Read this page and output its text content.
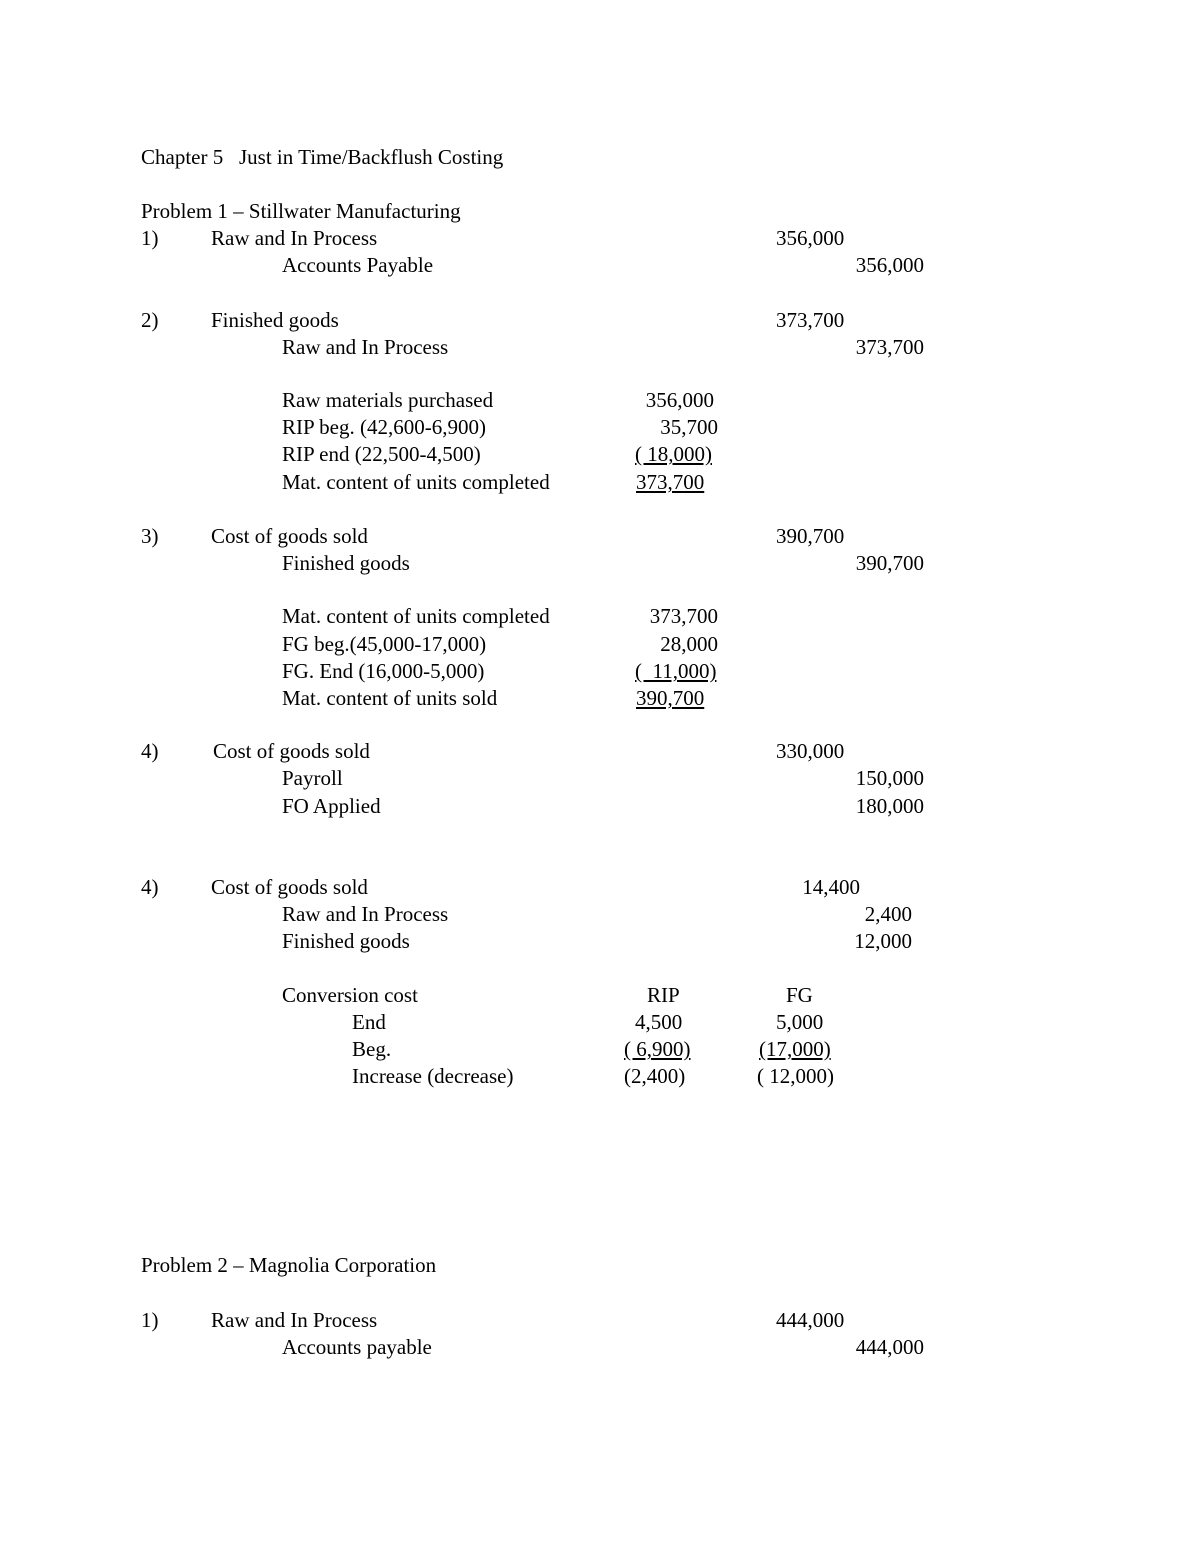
Chapter 5   Just in Time/Backflush Costing
Problem 1 – Stillwater Manufacturing
1)	Raw and In Process	356,000
Accounts Payable	356,000
2)	Finished goods	373,700
Raw and In Process	373,700
Raw materials purchased	356,000
RIP beg. (42,600-6,900)	35,700
RIP end (22,500-4,500)	( 18,000)
Mat. content of units completed	373,700
3)	Cost of goods sold	390,700
Finished goods	390,700
Mat. content of units completed	373,700
FG beg.(45,000-17,000)	28,000
FG. End (16,000-5,000)	(  11,000)
Mat. content of units sold	390,700
4)	Cost of goods sold	330,000
Payroll	150,000
FO Applied	180,000
4)	Cost of goods sold	14,400
Raw and In Process	2,400
Finished goods	12,000
Conversion cost	RIP	FG
End	4,500	5,000
Beg.	( 6,900)	(17,000)
Increase (decrease)	(2,400)	( 12,000)
Problem 2 – Magnolia Corporation
1)	Raw and In Process	444,000
Accounts payable	444,000
